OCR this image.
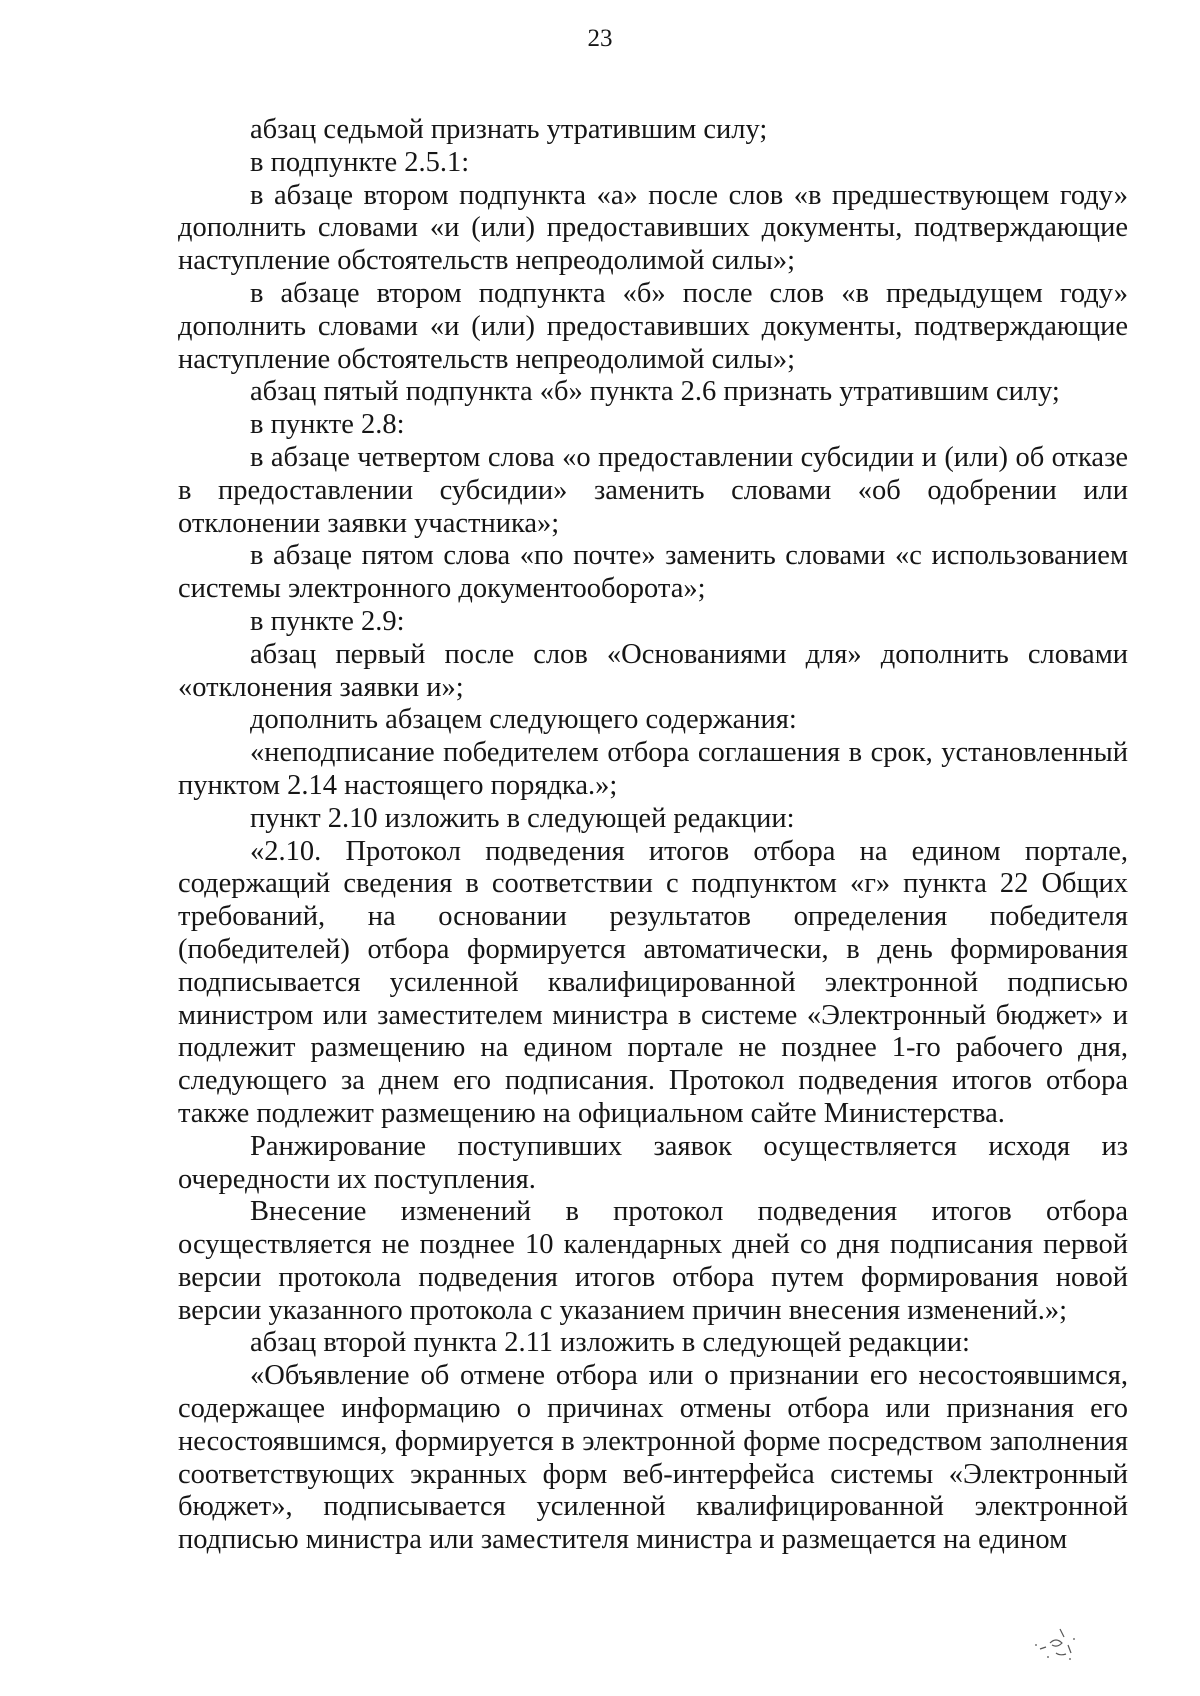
23

абзац седьмой признать утратившим силу;

в подпункте 2.5.1:

в абзаце втором подпункта «а» после слов «в предшествующем году» дополнить словами «и (или) предоставивших документы, подтверждающие наступление обстоятельств непреодолимой силы»;

в абзаце втором подпункта «б» после слов «в предыдущем году» дополнить словами «и (или) предоставивших документы, подтверждающие наступление обстоятельств непреодолимой силы»;

абзац пятый подпункта «б» пункта 2.6 признать утратившим силу;

в пункте 2.8:

в абзаце четвертом слова «о предоставлении субсидии и (или) об отказе в предоставлении субсидии» заменить словами «об одобрении или отклонении заявки участника»;

в абзаце пятом слова «по почте» заменить словами «с использованием системы электронного документооборота»;

в пункте 2.9:

абзац первый после слов «Основаниями для» дополнить словами «отклонения заявки и»;

дополнить абзацем следующего содержания:

«неподписание победителем отбора соглашения в срок, установленный пунктом 2.14 настоящего порядка.»;

пункт 2.10 изложить в следующей редакции:

«2.10. Протокол подведения итогов отбора на едином портале, содержащий сведения в соответствии с подпунктом «г» пункта 22 Общих требований, на основании результатов определения победителя (победителей) отбора формируется автоматически, в день формирования подписывается усиленной квалифицированной электронной подписью министром или заместителем министра в системе «Электронный бюджет» и подлежит размещению на едином портале не позднее 1-го рабочего дня, следующего за днем его подписания. Протокол подведения итогов отбора также подлежит размещению на официальном сайте Министерства.

Ранжирование поступивших заявок осуществляется исходя из очередности их поступления.

Внесение изменений в протокол подведения итогов отбора осуществляется не позднее 10 календарных дней со дня подписания первой версии протокола подведения итогов отбора путем формирования новой версии указанного протокола с указанием причин внесения изменений.»;

абзац второй пункта 2.11 изложить в следующей редакции:

«Объявление об отмене отбора или о признании его несостоявшимся, содержащее информацию о причинах отмены отбора или признания его несостоявшимся, формируется в электронной форме посредством заполнения соответствующих экранных форм веб-интерфейса системы «Электронный бюджет», подписывается усиленной квалифицированной электронной подписью министра или заместителя министра и размещается на едином
